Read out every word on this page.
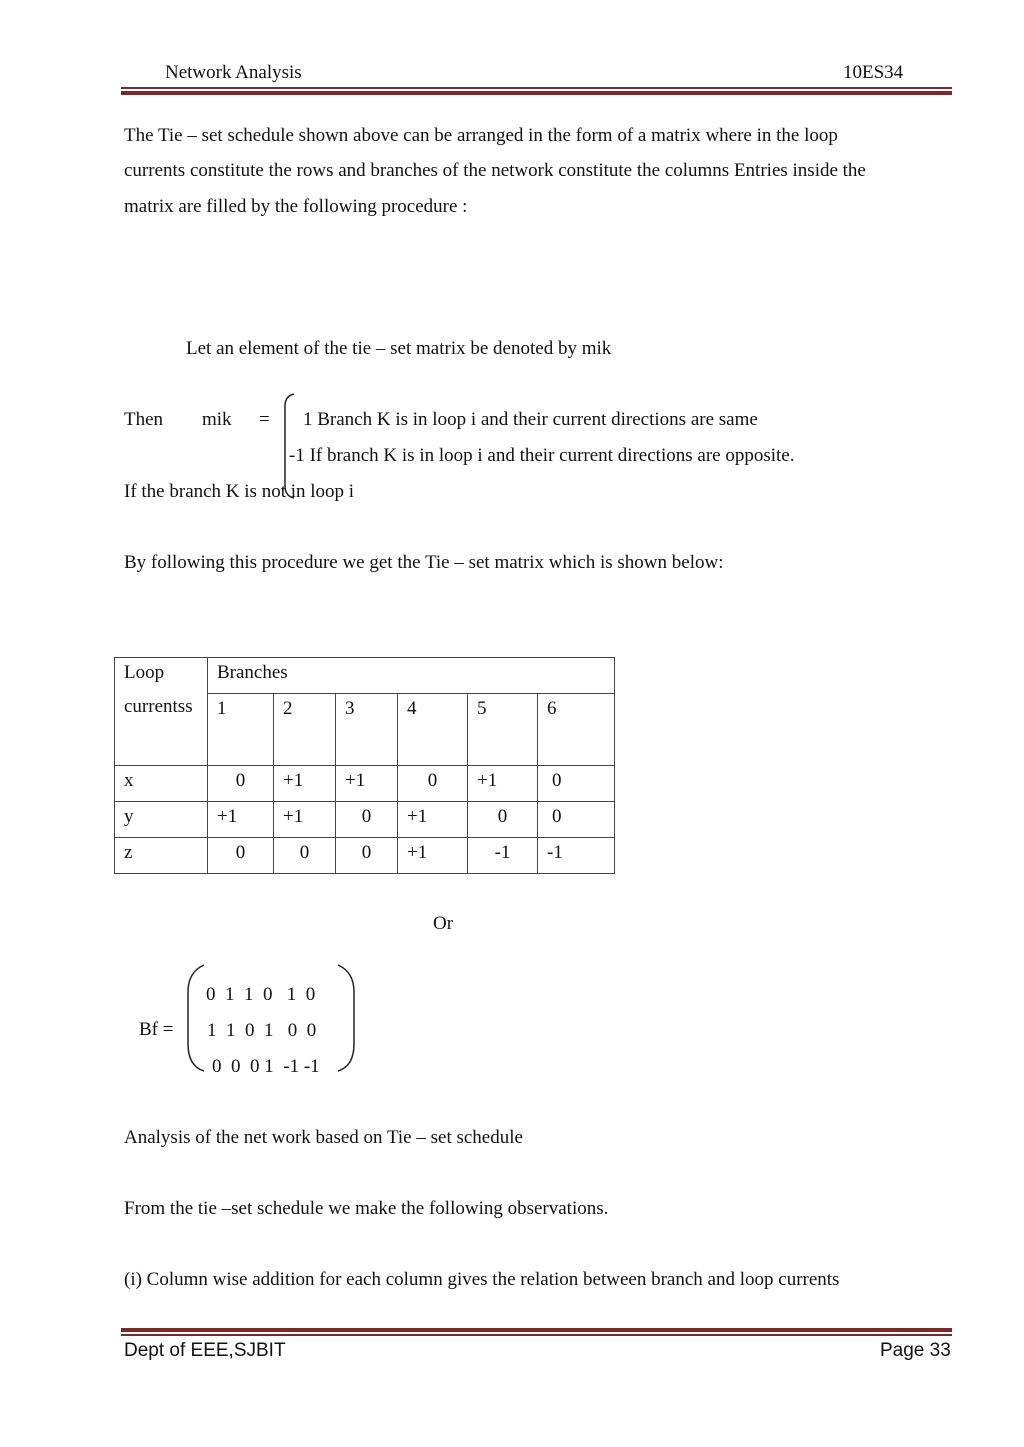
Network Analysis	10ES34
The Tie – set schedule shown above can be arranged in the form of a matrix where in the loop
currents constitute the rows and branches of the network constitute the columns Entries inside the
matrix are filled by the following procedure :
Let an element of the tie – set matrix be denoted by mik
Then mik = 1 Branch K is in loop i and their current directions are same
-1 If branch K is in loop i and their current directions are opposite.
If the branch K is not in loop i
By following this procedure we get the Tie – set matrix which is shown below:
Loop
currentss	Branches					

	1	2	3	4	5	6

x	0	+1	+1	0	+1	0

y	+1	+1	0	+1	0	0

z	0	0	0	+1	-1	-1
Or
Bf =
0  1  1  0   1  0
1  1  0  1   0  0
0  0  0 1  -1 -1
Analysis of the net work based on Tie – set schedule
From the tie –set schedule we make the following observations.
(i) Column wise addition for each column gives the relation between branch and loop currents
Dept of EEE,SJBIT	Page 33
